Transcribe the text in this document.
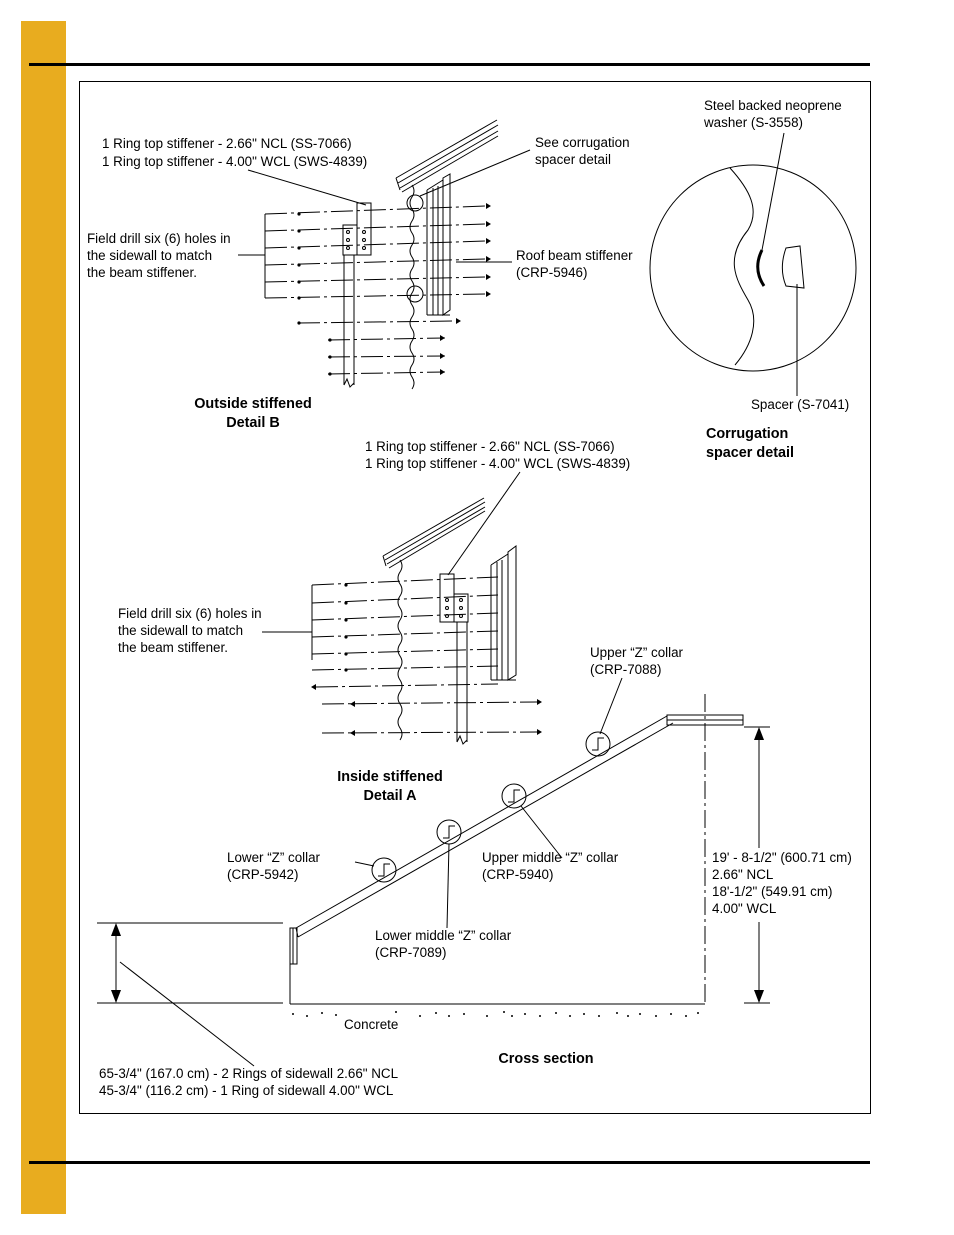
1 Ring top stiffener - 2.66" NCL (SS-7066)
1 Ring top stiffener - 4.00" WCL (SWS-4839)
See corrugation
spacer detail
Field drill six (6) holes in
the sidewall to match
the beam stiffener.
Roof beam stiffener
(CRP-5946)
Outside stiffened
Detail B
Steel backed neoprene
washer (S-3558)
Spacer (S-7041)
Corrugation
spacer detail
1 Ring top stiffener - 2.66" NCL (SS-7066)
1 Ring top stiffener - 4.00" WCL (SWS-4839)
Field drill six (6) holes in
the sidewall to match
the beam stiffener.
Inside stiffened
Detail A
Upper “Z” collar
(CRP-7088)
Upper middle “Z” collar
(CRP-5940)
Lower “Z” collar
(CRP-5942)
Lower middle “Z” collar
(CRP-7089)
19' - 8-1/2" (600.71 cm)
2.66" NCL
18'-1/2" (549.91 cm)
4.00" WCL
Concrete
Cross section
65-3/4" (167.0 cm) - 2 Rings of sidewall 2.66" NCL
45-3/4" (116.2 cm) - 1 Ring of sidewall 4.00" WCL
